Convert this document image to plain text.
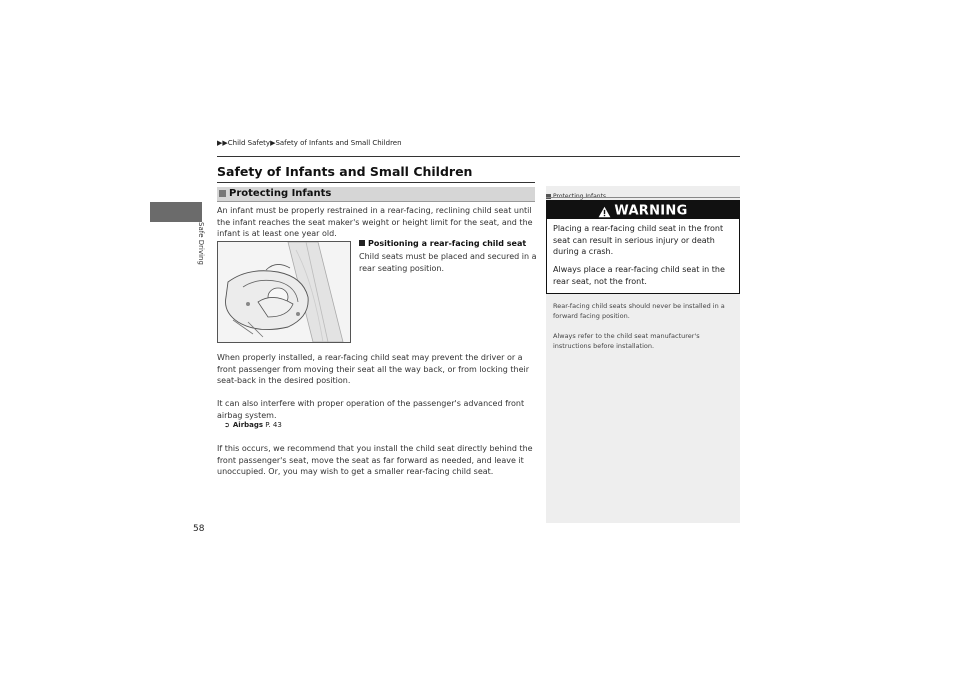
▶▶Child Safety▶Safety of Infants and Small Children
Safety of Infants and Small Children
Safe Driving
Protecting Infants
An infant must be properly restrained in a rear-facing, reclining child seat until the infant reaches the seat maker's weight or height limit for the seat, and the infant is at least one year old.
Positioning a rear-facing child seat
Child seats must be placed and secured in a rear seating position.
When properly installed, a rear-facing child seat may prevent the driver or a front passenger from moving their seat all the way back, or from locking their seat-back in the desired position.
It can also interfere with proper operation of the passenger's advanced front airbag system.
➲ Airbags P. 43
If this occurs, we recommend that you install the child seat directly behind the front passenger's seat, move the seat as far forward as needed, and leave it unoccupied. Or, you may wish to get a smaller rear-facing child seat.
WARNING
Placing a rear-facing child seat in the front seat can result in serious injury or death during a crash.
Always place a rear-facing child seat in the rear seat, not the front.
Rear-facing child seats should never be installed in a forward facing position.
Always refer to the child seat manufacturer's instructions before installation.
58
